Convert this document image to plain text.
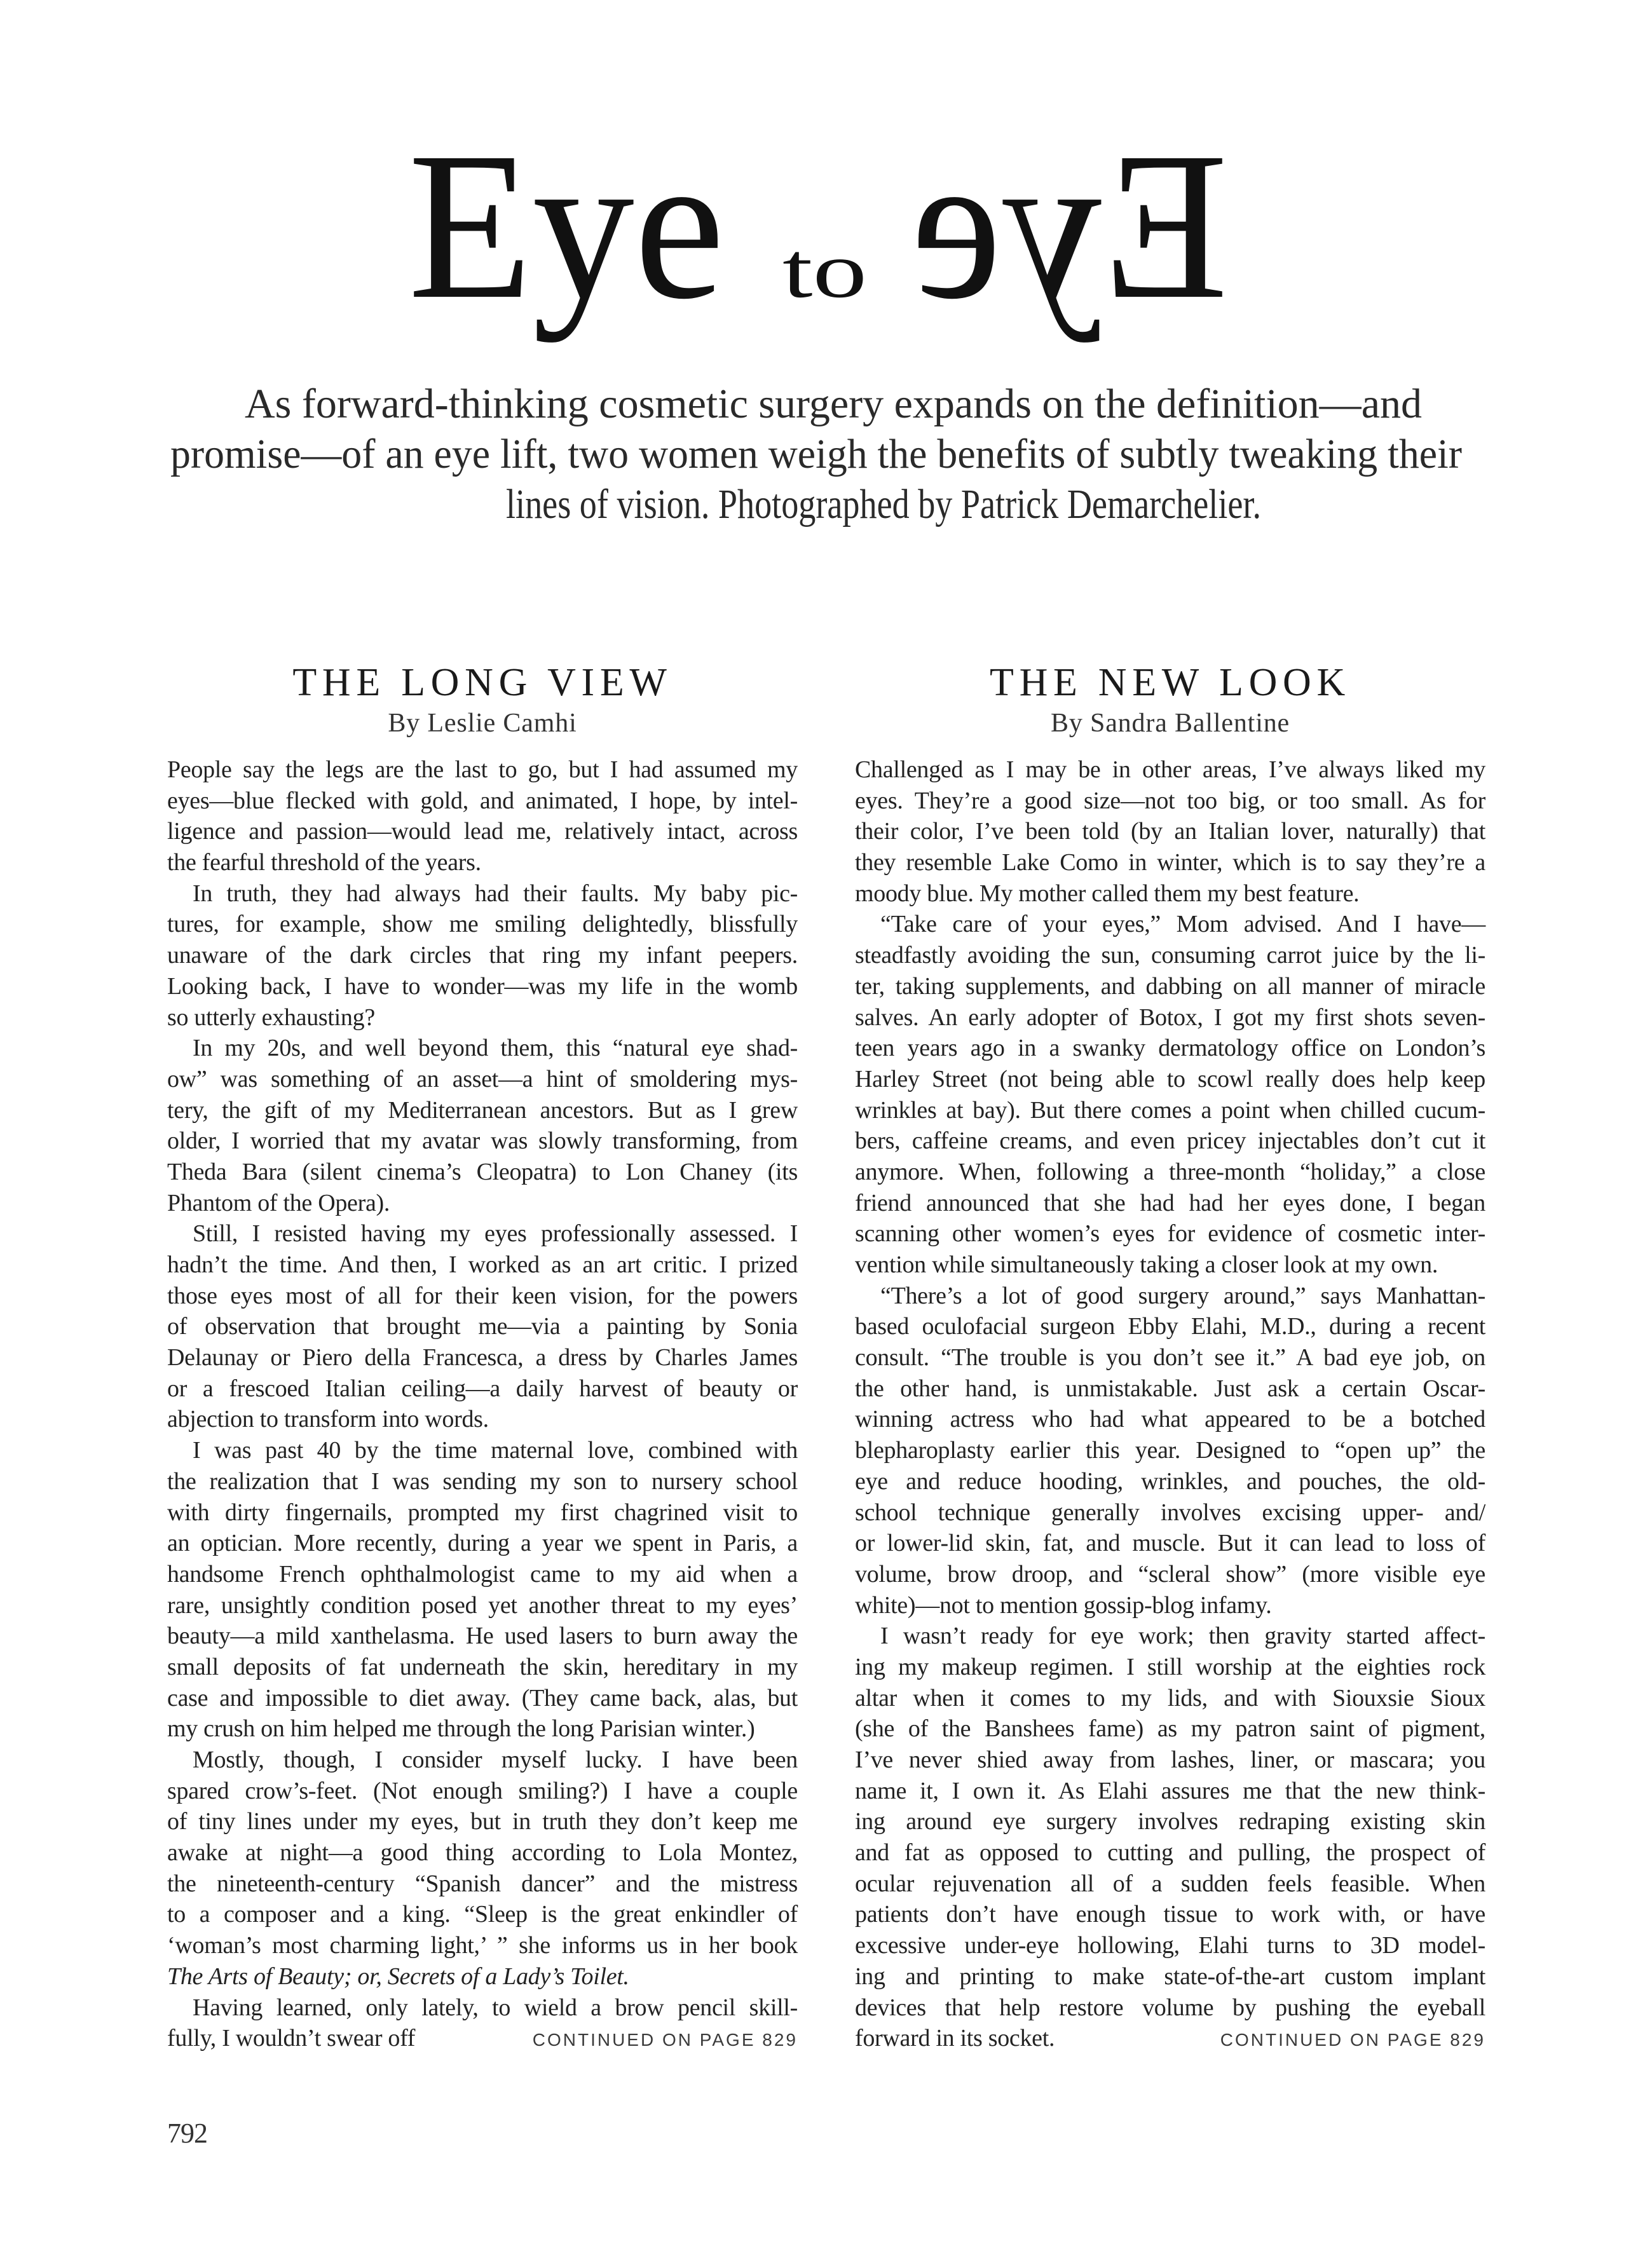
Eye to Eye
As forward-thinking cosmetic surgery expands on the definition—and
promise—of an eye lift, two women weigh the benefits of subtly tweaking their
lines of vision. Photographed by Patrick Demarchelier.
THE LONG VIEW
By Leslie Camhi
People say the legs are the last to go, but I had assumed my
eyes—blue flecked with gold, and animated, I hope, by intel-
ligence and passion—would lead me, relatively intact, across
the fearful threshold of the years.
In truth, they had always had their faults. My baby pic-
tures, for example, show me smiling delightedly, blissfully
unaware of the dark circles that ring my infant peepers.
Looking back, I have to wonder—was my life in the womb
so utterly exhausting?
In my 20s, and well beyond them, this “natural eye shad-
ow” was something of an asset—a hint of smoldering mys-
tery, the gift of my Mediterranean ancestors. But as I grew
older, I worried that my avatar was slowly transforming, from
Theda Bara (silent cinema’s Cleopatra) to Lon Chaney (its
Phantom of the Opera).
Still, I resisted having my eyes professionally assessed. I
hadn’t the time. And then, I worked as an art critic. I prized
those eyes most of all for their keen vision, for the powers
of observation that brought me—via a painting by Sonia
Delaunay or Piero della Francesca, a dress by Charles James
or a frescoed Italian ceiling—a daily harvest of beauty or
abjection to transform into words.
I was past 40 by the time maternal love, combined with
the realization that I was sending my son to nursery school
with dirty fingernails, prompted my first chagrined visit to
an optician. More recently, during a year we spent in Paris, a
handsome French ophthalmologist came to my aid when a
rare, unsightly condition posed yet another threat to my eyes’
beauty—a mild xanthelasma. He used lasers to burn away the
small deposits of fat underneath the skin, hereditary in my
case and impossible to diet away. (They came back, alas, but
my crush on him helped me through the long Parisian winter.)
Mostly, though, I consider myself lucky. I have been
spared crow’s-feet. (Not enough smiling?) I have a couple
of tiny lines under my eyes, but in truth they don’t keep me
awake at night—a good thing according to Lola Montez,
the nineteenth-century “Spanish dancer” and the mistress
to a composer and a king. “Sleep is the great enkindler of
‘woman’s most charming light,’ ” she informs us in her book
The Arts of Beauty; or, Secrets of a Lady’s Toilet.
Having learned, only lately, to wield a brow pencil skill-
fully, I wouldn’t swear off	CONTINUED ON PAGE 829
THE NEW LOOK
By Sandra Ballentine
Challenged as I may be in other areas, I’ve always liked my
eyes. They’re a good size—not too big, or too small. As for
their color, I’ve been told (by an Italian lover, naturally) that
they resemble Lake Como in winter, which is to say they’re a
moody blue. My mother called them my best feature.
“Take care of your eyes,” Mom advised. And I have—
steadfastly avoiding the sun, consuming carrot juice by the li-
ter, taking supplements, and dabbing on all manner of miracle
salves. An early adopter of Botox, I got my first shots seven-
teen years ago in a swanky dermatology office on London’s
Harley Street (not being able to scowl really does help keep
wrinkles at bay). But there comes a point when chilled cucum-
bers, caffeine creams, and even pricey injectables don’t cut it
anymore. When, following a three-month “holiday,” a close
friend announced that she had had her eyes done, I began
scanning other women’s eyes for evidence of cosmetic inter-
vention while simultaneously taking a closer look at my own.
“There’s a lot of good surgery around,” says Manhattan-
based oculofacial surgeon Ebby Elahi, M.D., during a recent
consult. “The trouble is you don’t see it.” A bad eye job, on
the other hand, is unmistakable. Just ask a certain Oscar-
winning actress who had what appeared to be a botched
blepharoplasty earlier this year. Designed to “open up” the
eye and reduce hooding, wrinkles, and pouches, the old-
school technique generally involves excising upper- and/
or lower-lid skin, fat, and muscle. But it can lead to loss of
volume, brow droop, and “scleral show” (more visible eye
white)—not to mention gossip-blog infamy.
I wasn’t ready for eye work; then gravity started affect-
ing my makeup regimen. I still worship at the eighties rock
altar when it comes to my lids, and with Siouxsie Sioux
(she of the Banshees fame) as my patron saint of pigment,
I’ve never shied away from lashes, liner, or mascara; you
name it, I own it. As Elahi assures me that the new think-
ing around eye surgery involves redraping existing skin
and fat as opposed to cutting and pulling, the prospect of
ocular rejuvenation all of a sudden feels feasible. When
patients don’t have enough tissue to work with, or have
excessive under-eye hollowing, Elahi turns to 3D model-
ing and printing to make state-of-the-art custom implant
devices that help restore volume by pushing the eyeball
forward in its socket.	CONTINUED ON PAGE 829
792
